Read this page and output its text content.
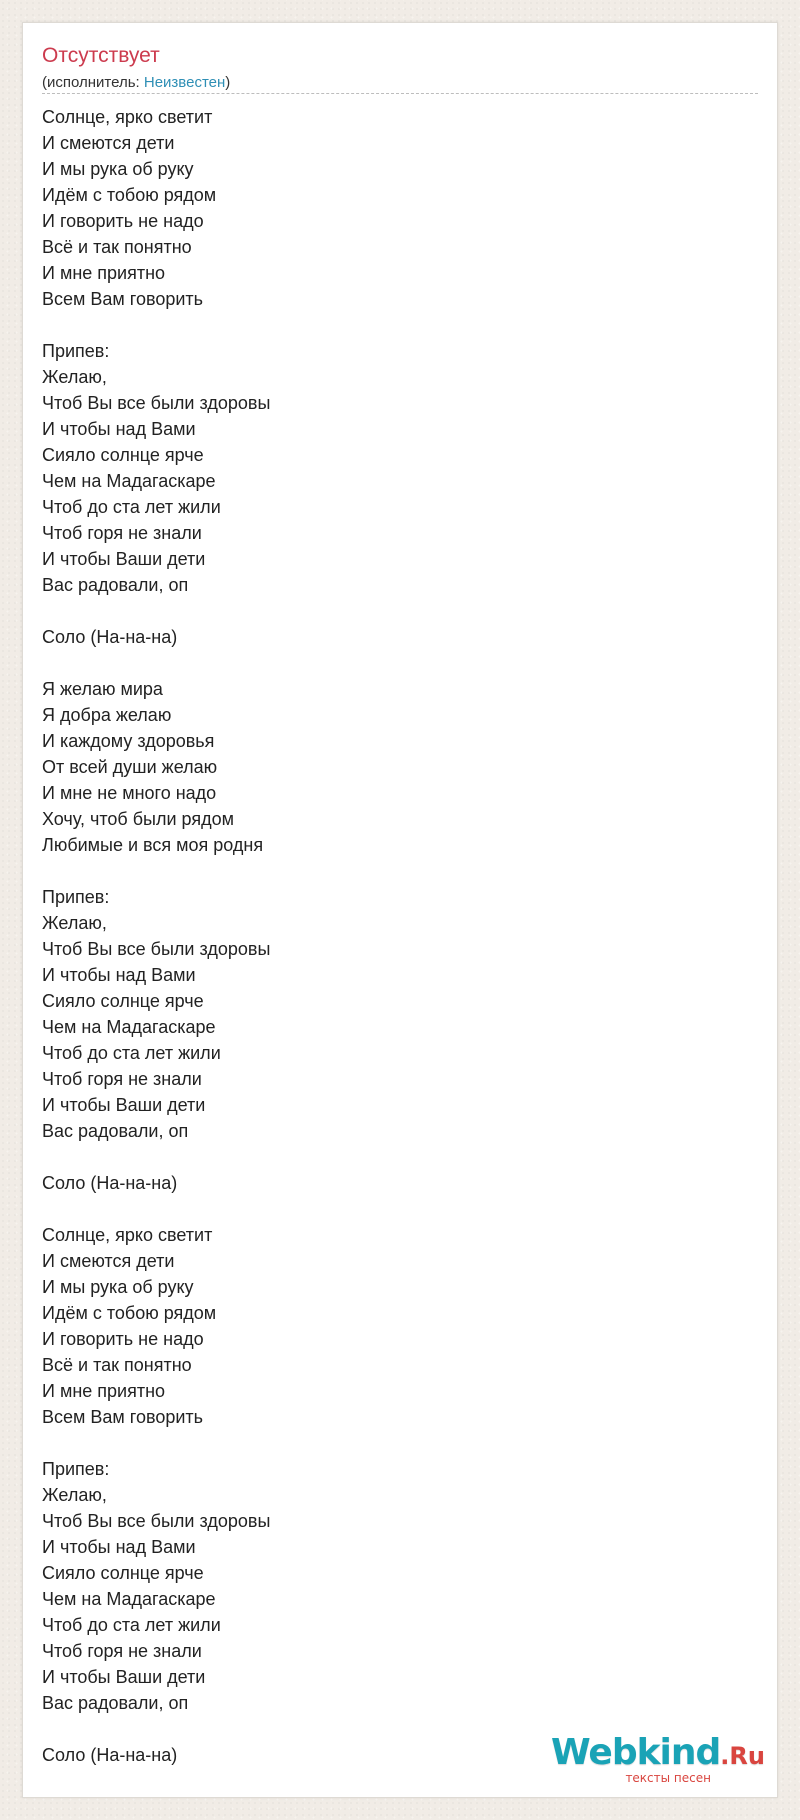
Отсутствует
(исполнитель: Неизвестен)
Солнце, ярко светит
И смеются дети
И мы рука об руку
Идём с тобою рядом
И говорить не надо
Всё и так понятно
И мне приятно
Всем Вам говорить
Припев:
Желаю,
Чтоб Вы все были здоровы
И чтобы над Вами
Сияло солнце ярче
Чем на Мадагаскаре
Чтоб до ста лет жили
Чтоб горя не знали
И чтобы Ваши дети
Вас радовали, оп
Соло (На-на-на)
Я желаю мира
Я добра желаю
И каждому здоровья
От всей души желаю
И мне не много надо
Хочу, чтоб были рядом
Любимые и вся моя родня
Припев:
Желаю,
Чтоб Вы все были здоровы
И чтобы над Вами
Сияло солнце ярче
Чем на Мадагаскаре
Чтоб до ста лет жили
Чтоб горя не знали
И чтобы Ваши дети
Вас радовали, оп
Соло (На-на-на)
Солнце, ярко светит
И смеются дети
И мы рука об руку
Идём с тобою рядом
И говорить не надо
Всё и так понятно
И мне приятно
Всем Вам говорить
Припев:
Желаю,
Чтоб Вы все были здоровы
И чтобы над Вами
Сияло солнце ярче
Чем на Мадагаскаре
Чтоб до ста лет жили
Чтоб горя не знали
И чтобы Ваши дети
Вас радовали, оп
Соло (На-на-на)	Webkind.Ru
тексты песен
